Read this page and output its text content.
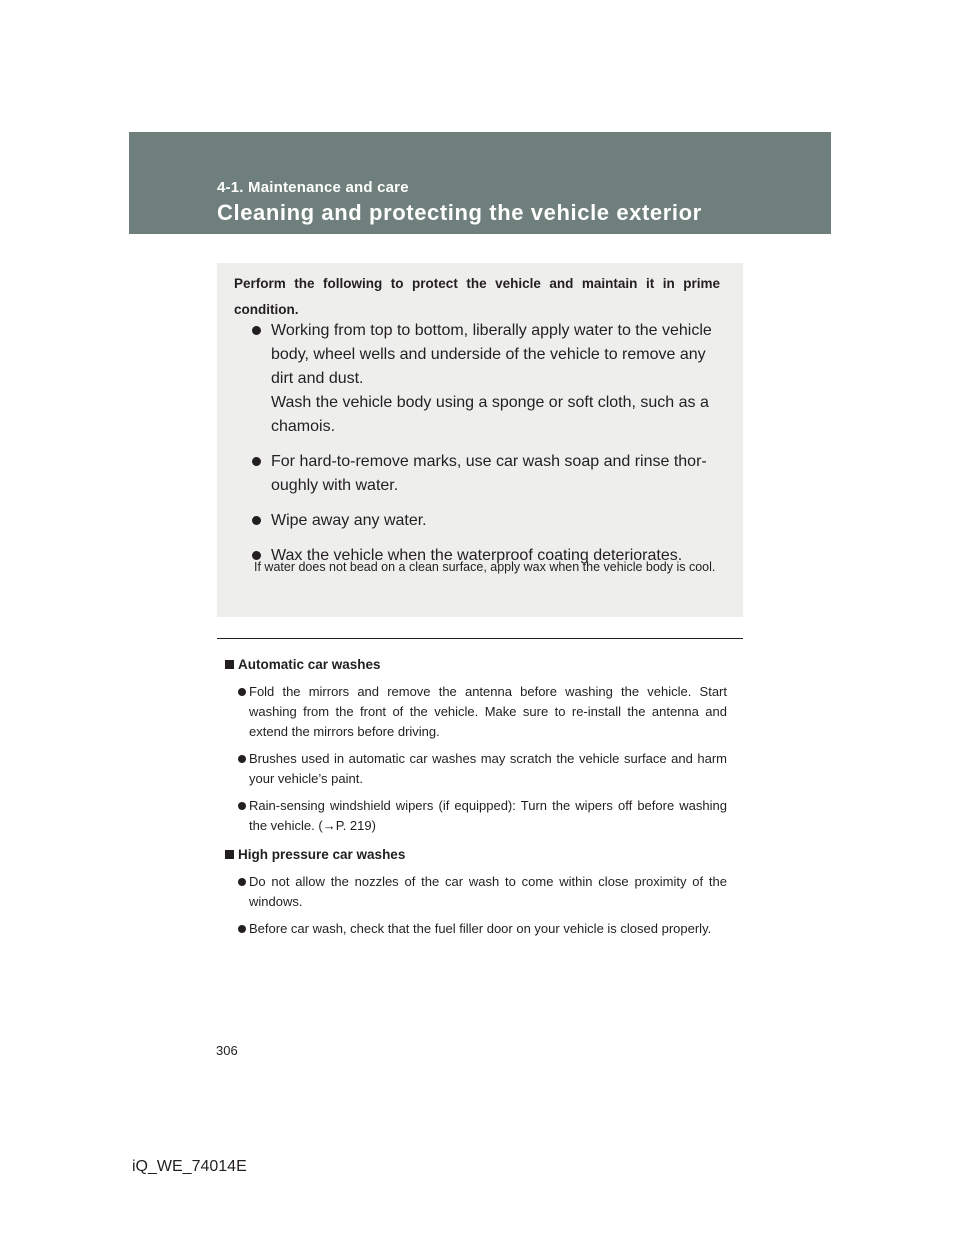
4-1. Maintenance and care
Cleaning and protecting the vehicle exterior
Perform the following to protect the vehicle and maintain it in prime condition.
Working from top to bottom, liberally apply water to the vehicle body, wheel wells and underside of the vehicle to remove any dirt and dust.
Wash the vehicle body using a sponge or soft cloth, such as a chamois.
For hard-to-remove marks, use car wash soap and rinse thor-oughly with water.
Wipe away any water.
Wax the vehicle when the waterproof coating deteriorates.
If water does not bead on a clean surface, apply wax when the vehicle body is cool.
Automatic car washes
Fold the mirrors and remove the antenna before washing the vehicle. Start washing from the front of the vehicle. Make sure to re-install the antenna and extend the mirrors before driving.
Brushes used in automatic car washes may scratch the vehicle surface and harm your vehicle’s paint.
Rain-sensing windshield wipers (if equipped): Turn the wipers off before washing the vehicle. (→P. 219)
High pressure car washes
Do not allow the nozzles of the car wash to come within close proximity of the windows.
Before car wash, check that the fuel filler door on your vehicle is closed properly.
306
iQ_WE_74014E
